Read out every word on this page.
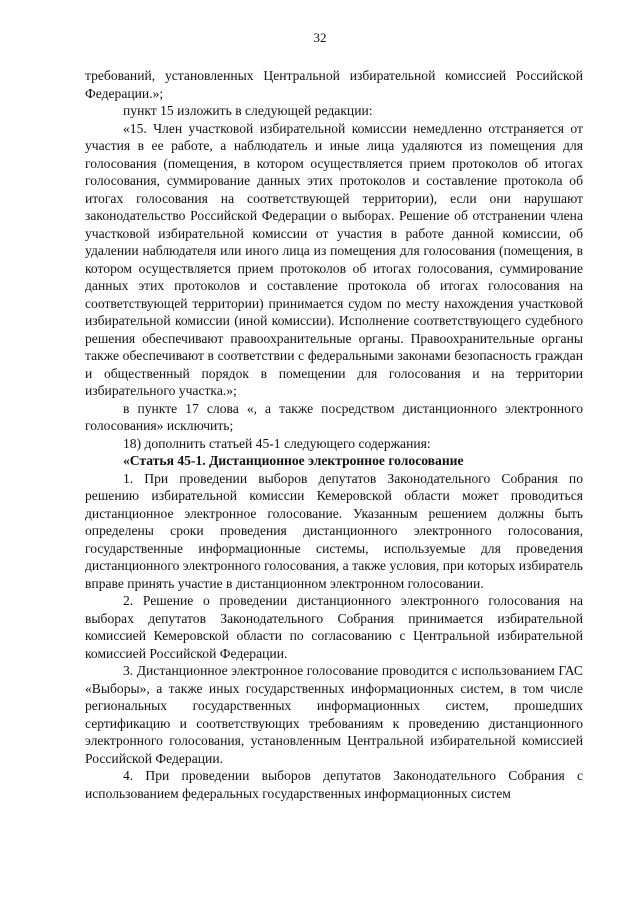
32

требований, установленных Центральной избирательной комиссией Российской Федерации.»;

пункт 15 изложить в следующей редакции:

«15. Член участковой избирательной комиссии немедленно отстраняется от участия в ее работе, а наблюдатель и иные лица удаляются из помещения для голосования (помещения, в котором осуществляется прием протоколов об итогах голосования, суммирование данных этих протоколов и составление протокола об итогах голосования на соответствующей территории), если они нарушают законодательство Российской Федерации о выборах. Решение об отстранении члена участковой избирательной комиссии от участия в работе данной комиссии, об удалении наблюдателя или иного лица из помещения для голосования (помещения, в котором осуществляется прием протоколов об итогах голосования, суммирование данных этих протоколов и составление протокола об итогах голосования на соответствующей территории) принимается судом по месту нахождения участковой избирательной комиссии (иной комиссии). Исполнение соответствующего судебного решения обеспечивают правоохранительные органы. Правоохранительные органы также обеспечивают в соответствии с федеральными законами безопасность граждан и общественный порядок в помещении для голосования и на территории избирательного участка.»;

в пункте 17 слова «, а также посредством дистанционного электронного голосования» исключить;

18) дополнить статьей 45-1 следующего содержания:

«Статья 45-1. Дистанционное электронное голосование

1. При проведении выборов депутатов Законодательного Собрания по решению избирательной комиссии Кемеровской области может проводиться дистанционное электронное голосование. Указанным решением должны быть определены сроки проведения дистанционного электронного голосования, государственные информационные системы, используемые для проведения дистанционного электронного голосования, а также условия, при которых избиратель вправе принять участие в дистанционном электронном голосовании.

2. Решение о проведении дистанционного электронного голосования на выборах депутатов Законодательного Собрания принимается избирательной комиссией Кемеровской области по согласованию с Центральной избирательной комиссией Российской Федерации.

3. Дистанционное электронное голосование проводится с использованием ГАС «Выборы», а также иных государственных информационных систем, в том числе региональных государственных информационных систем, прошедших сертификацию и соответствующих требованиям к проведению дистанционного электронного голосования, установленным Центральной избирательной комиссией Российской Федерации.

4. При проведении выборов депутатов Законодательного Собрания с использованием федеральных государственных информационных систем
